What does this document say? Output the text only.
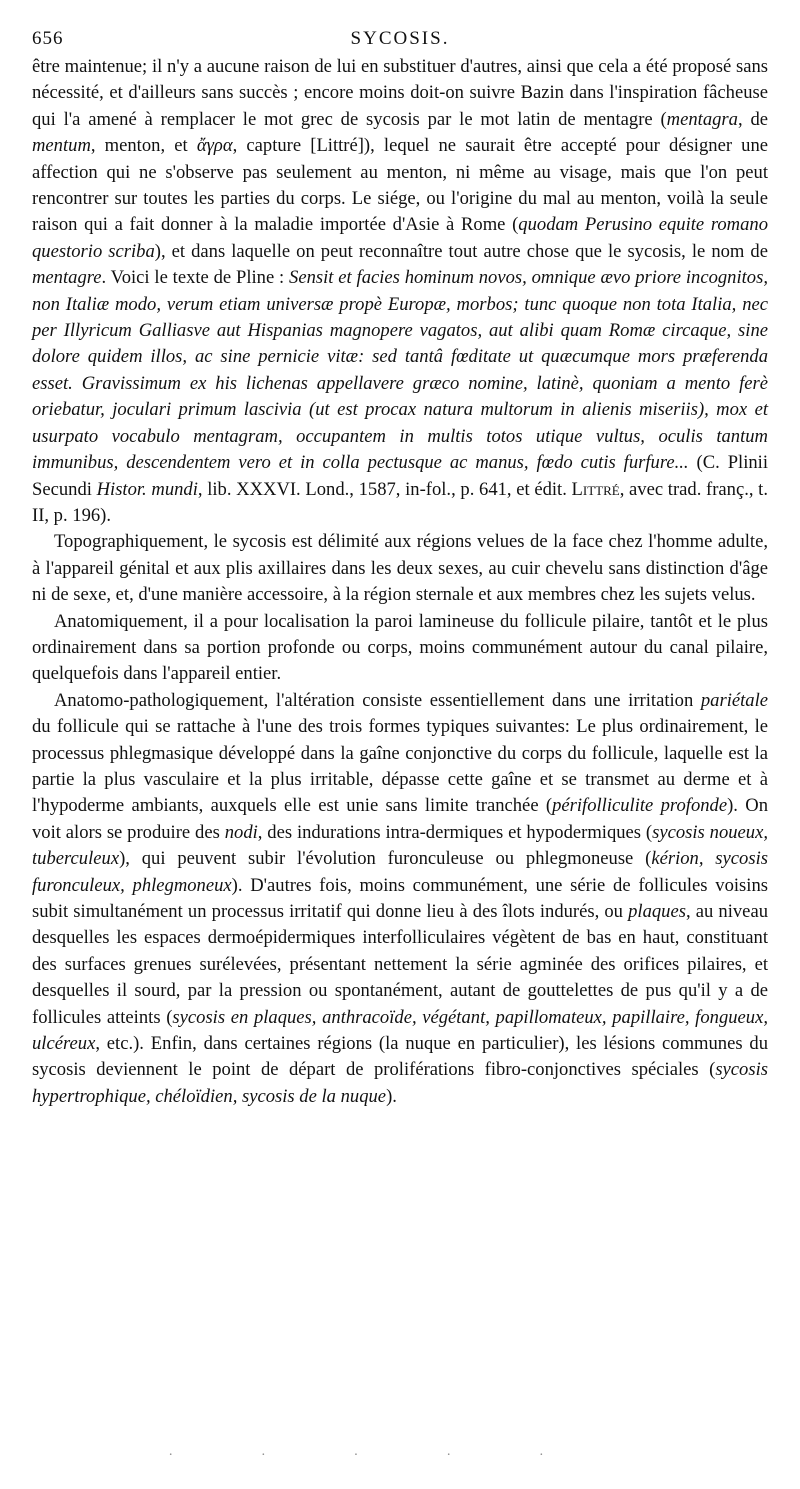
656	SYCOSIS.

être maintenue; il n'y a aucune raison de lui en substituer d'autres, ainsi que cela a été proposé sans nécessité, et d'ailleurs sans succès ; encore moins doit-on suivre Bazin dans l'inspiration fâcheuse qui l'a amené à remplacer le mot grec de sycosis par le mot latin de mentagre (mentagra, de mentum, menton, et ἄγρα, capture [Littré]), lequel ne saurait être accepté pour désigner une affection qui ne s'observe pas seulement au menton, ni même au visage, mais que l'on peut rencontrer sur toutes les parties du corps. Le siége, ou l'origine du mal au menton, voilà la seule raison qui a fait donner à la maladie importée d'Asie à Rome (quodam Perusino equite romano questorio scriba), et dans laquelle on peut reconnaître tout autre chose que le sycosis, le nom de mentagre. Voici le texte de Pline : Sensit et facies hominum novos, omnique ævo priore incognitos, non Italiæ modo, verum etiam universæ propè Europæ, morbos; tunc quoque non tota Italia, nec per Illyricum Galliasve aut Hispanias magnopere vagatos, aut alibi quam Romæ circaque, sine dolore quidem illos, ac sine pernicie vitæ: sed tantâ fœditate ut quæcumque mors præferenda esset. Gravissimum ex his lichenas appellavere græco nomine, latinè, quoniam a mento ferè oriebatur, joculari primum lascivia (ut est procax natura multorum in alienis miseriis), mox et usurpato vocabulo mentagram, occupantem in multis totos utique vultus, oculis tantum immunibus, descendentem vero et in colla pectusque ac manus, fœdo cutis furfure... (C. Plinii Secundi Histor. mundi, lib. XXXVI. Lond., 1587, in-fol., p. 641, et édit. Littré, avec trad. franç., t. II, p. 196).

Topographiquement, le sycosis est délimité aux régions velues de la face chez l'homme adulte, à l'appareil génital et aux plis axillaires dans les deux sexes, au cuir chevelu sans distinction d'âge ni de sexe, et, d'une manière accessoire, à la région sternale et aux membres chez les sujets velus.

Anatomiquement, il a pour localisation la paroi lamineuse du follicule pilaire, tantôt et le plus ordinairement dans sa portion profonde ou corps, moins communément autour du canal pilaire, quelquefois dans l'appareil entier.

Anatomo-pathologiquement, l'altération consiste essentiellement dans une irritation pariétale du follicule qui se rattache à l'une des trois formes typiques suivantes: Le plus ordinairement, le processus phlegmasique développé dans la gaîne conjonctive du corps du follicule, laquelle est la partie la plus vasculaire et la plus irritable, dépasse cette gaîne et se transmet au derme et à l'hypoderme ambiants, auxquels elle est unie sans limite tranchée (périfolliculite profonde). On voit alors se produire des nodi, des indurations intra-dermiques et hypodermiques (sycosis noueux, tuberculeux), qui peuvent subir l'évolution furonculeuse ou phlegmoneuse (kérion, sycosis furonculeux, phlegmoneux). D'autres fois, moins communément, une série de follicules voisins subit simultanément un processus irritatif qui donne lieu à des îlots indurés, ou plaques, au niveau desquelles les espaces dermoépidermiques interfolliculaires végètent de bas en haut, constituant des surfaces grenues surélevées, présentant nettement la série agminée des orifices pilaires, et desquelles il sourd, par la pression ou spontanément, autant de gouttelettes de pus qu'il y a de follicules atteints (sycosis en plaques, anthracoïde, végétant, papillomateux, papillaire, fongueux, ulcéreux, etc.). Enfin, dans certaines régions (la nuque en particulier), les lésions communes du sycosis deviennent le point de départ de proliférations fibro-conjonctives spéciales (sycosis hypertrophique, chéloïdien, sycosis de la nuque).

·​·​·​·​·
